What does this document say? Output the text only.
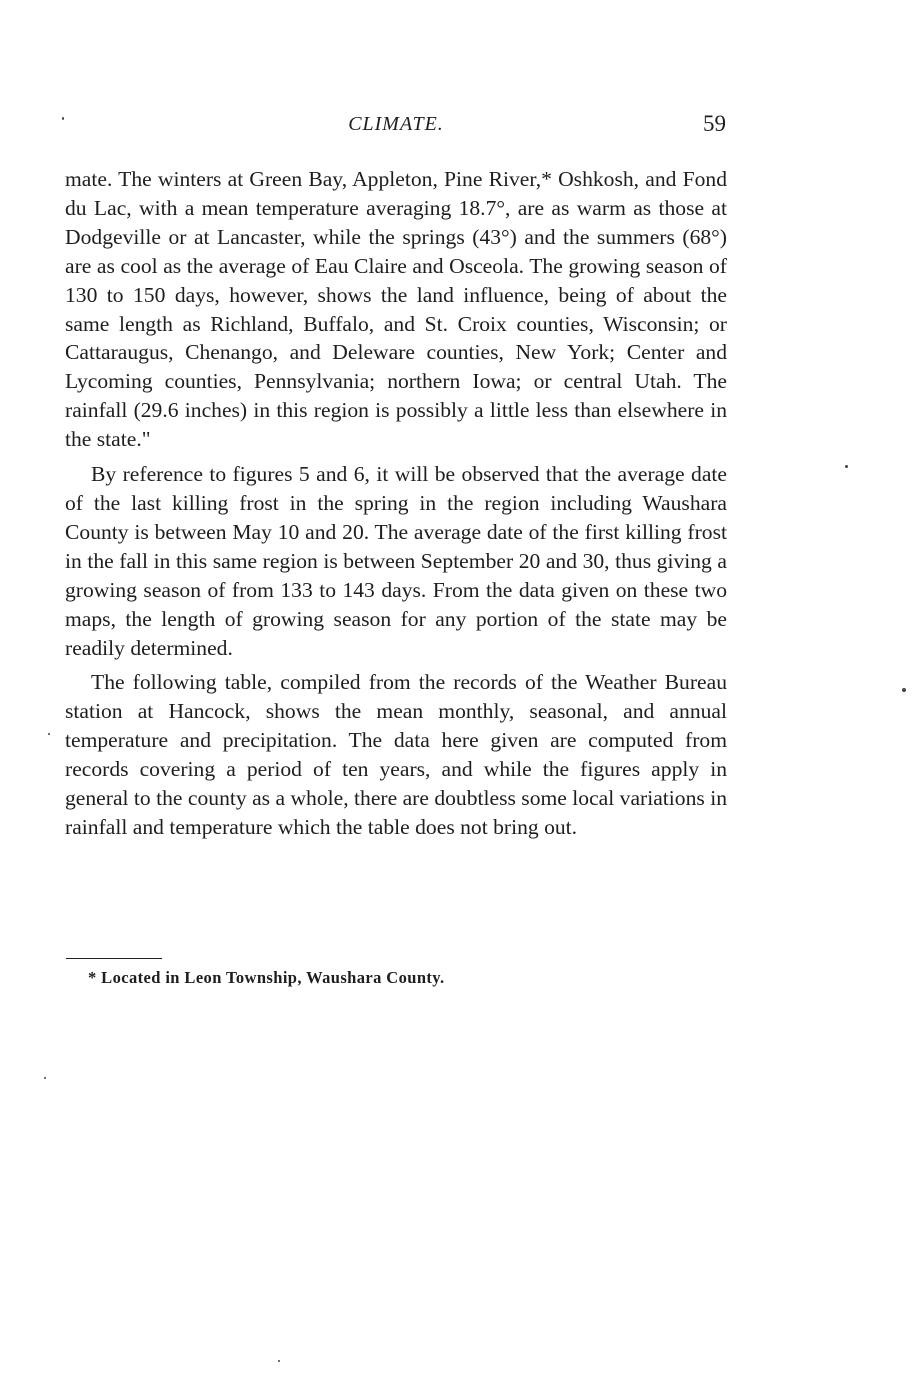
CLIMATE.	59

mate. The winters at Green Bay, Appleton, Pine River,* Oshkosh, and Fond du Lac, with a mean temperature averaging 18.7°, are as warm as those at Dodgeville or at Lancaster, while the springs (43°) and the summers (68°) are as cool as the average of Eau Claire and Osceola. The growing season of 130 to 150 days, however, shows the land influence, being of about the same length as Richland, Buffalo, and St. Croix counties, Wisconsin; or Cattaraugus, Chenango, and Deleware counties, New York; Center and Lycoming counties, Pennsylvania; northern Iowa; or central Utah. The rainfall (29.6 inches) in this region is possibly a little less than elsewhere in the state."

By reference to figures 5 and 6, it will be observed that the average date of the last killing frost in the spring in the region including Waushara County is between May 10 and 20. The average date of the first killing frost in the fall in this same region is between September 20 and 30, thus giving a growing season of from 133 to 143 days. From the data given on these two maps, the length of growing season for any portion of the state may be readily determined.

The following table, compiled from the records of the Weather Bureau station at Hancock, shows the mean monthly, seasonal, and annual temperature and precipitation. The data here given are computed from records covering a period of ten years, and while the figures apply in general to the county as a whole, there are doubtless some local variations in rainfall and temperature which the table does not bring out.

* Located in Leon Township, Waushara County.
